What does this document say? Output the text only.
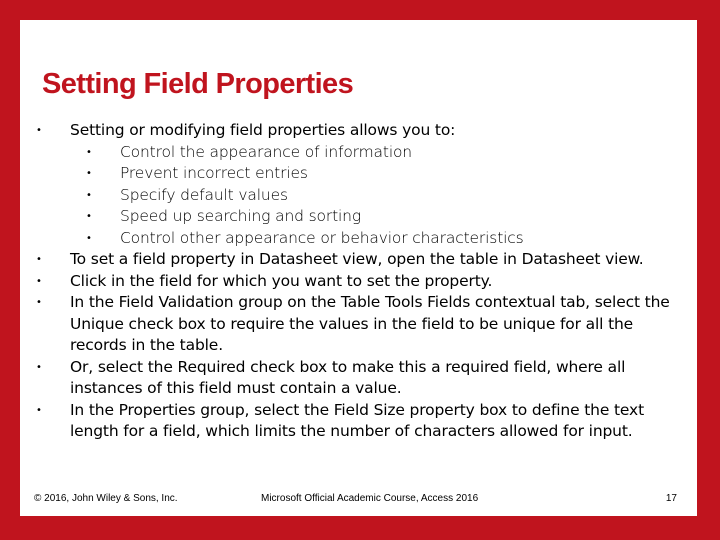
Setting Field Properties
•	Setting or modifying field properties allows you to:
•	Control the appearance of information
•	Prevent incorrect entries
•	Specify default values
•	Speed up searching and sorting
•	Control other appearance or behavior characteristics
•	To set a field property in Datasheet view, open the table in Datasheet view.
•	Click in the field for which you want to set the property.
•	In the Field Validation group on the Table Tools Fields contextual tab, select the Unique check box to require the values in the field to be unique for all the records in the table.
•	Or, select the Required check box to make this a required field, where all instances of this field must contain a value.
•	In the Properties group, select the Field Size property box to define the text length for a field, which limits the number of characters allowed for input.
© 2016, John Wiley & Sons, Inc.	Microsoft Official Academic Course, Access 2016	17
